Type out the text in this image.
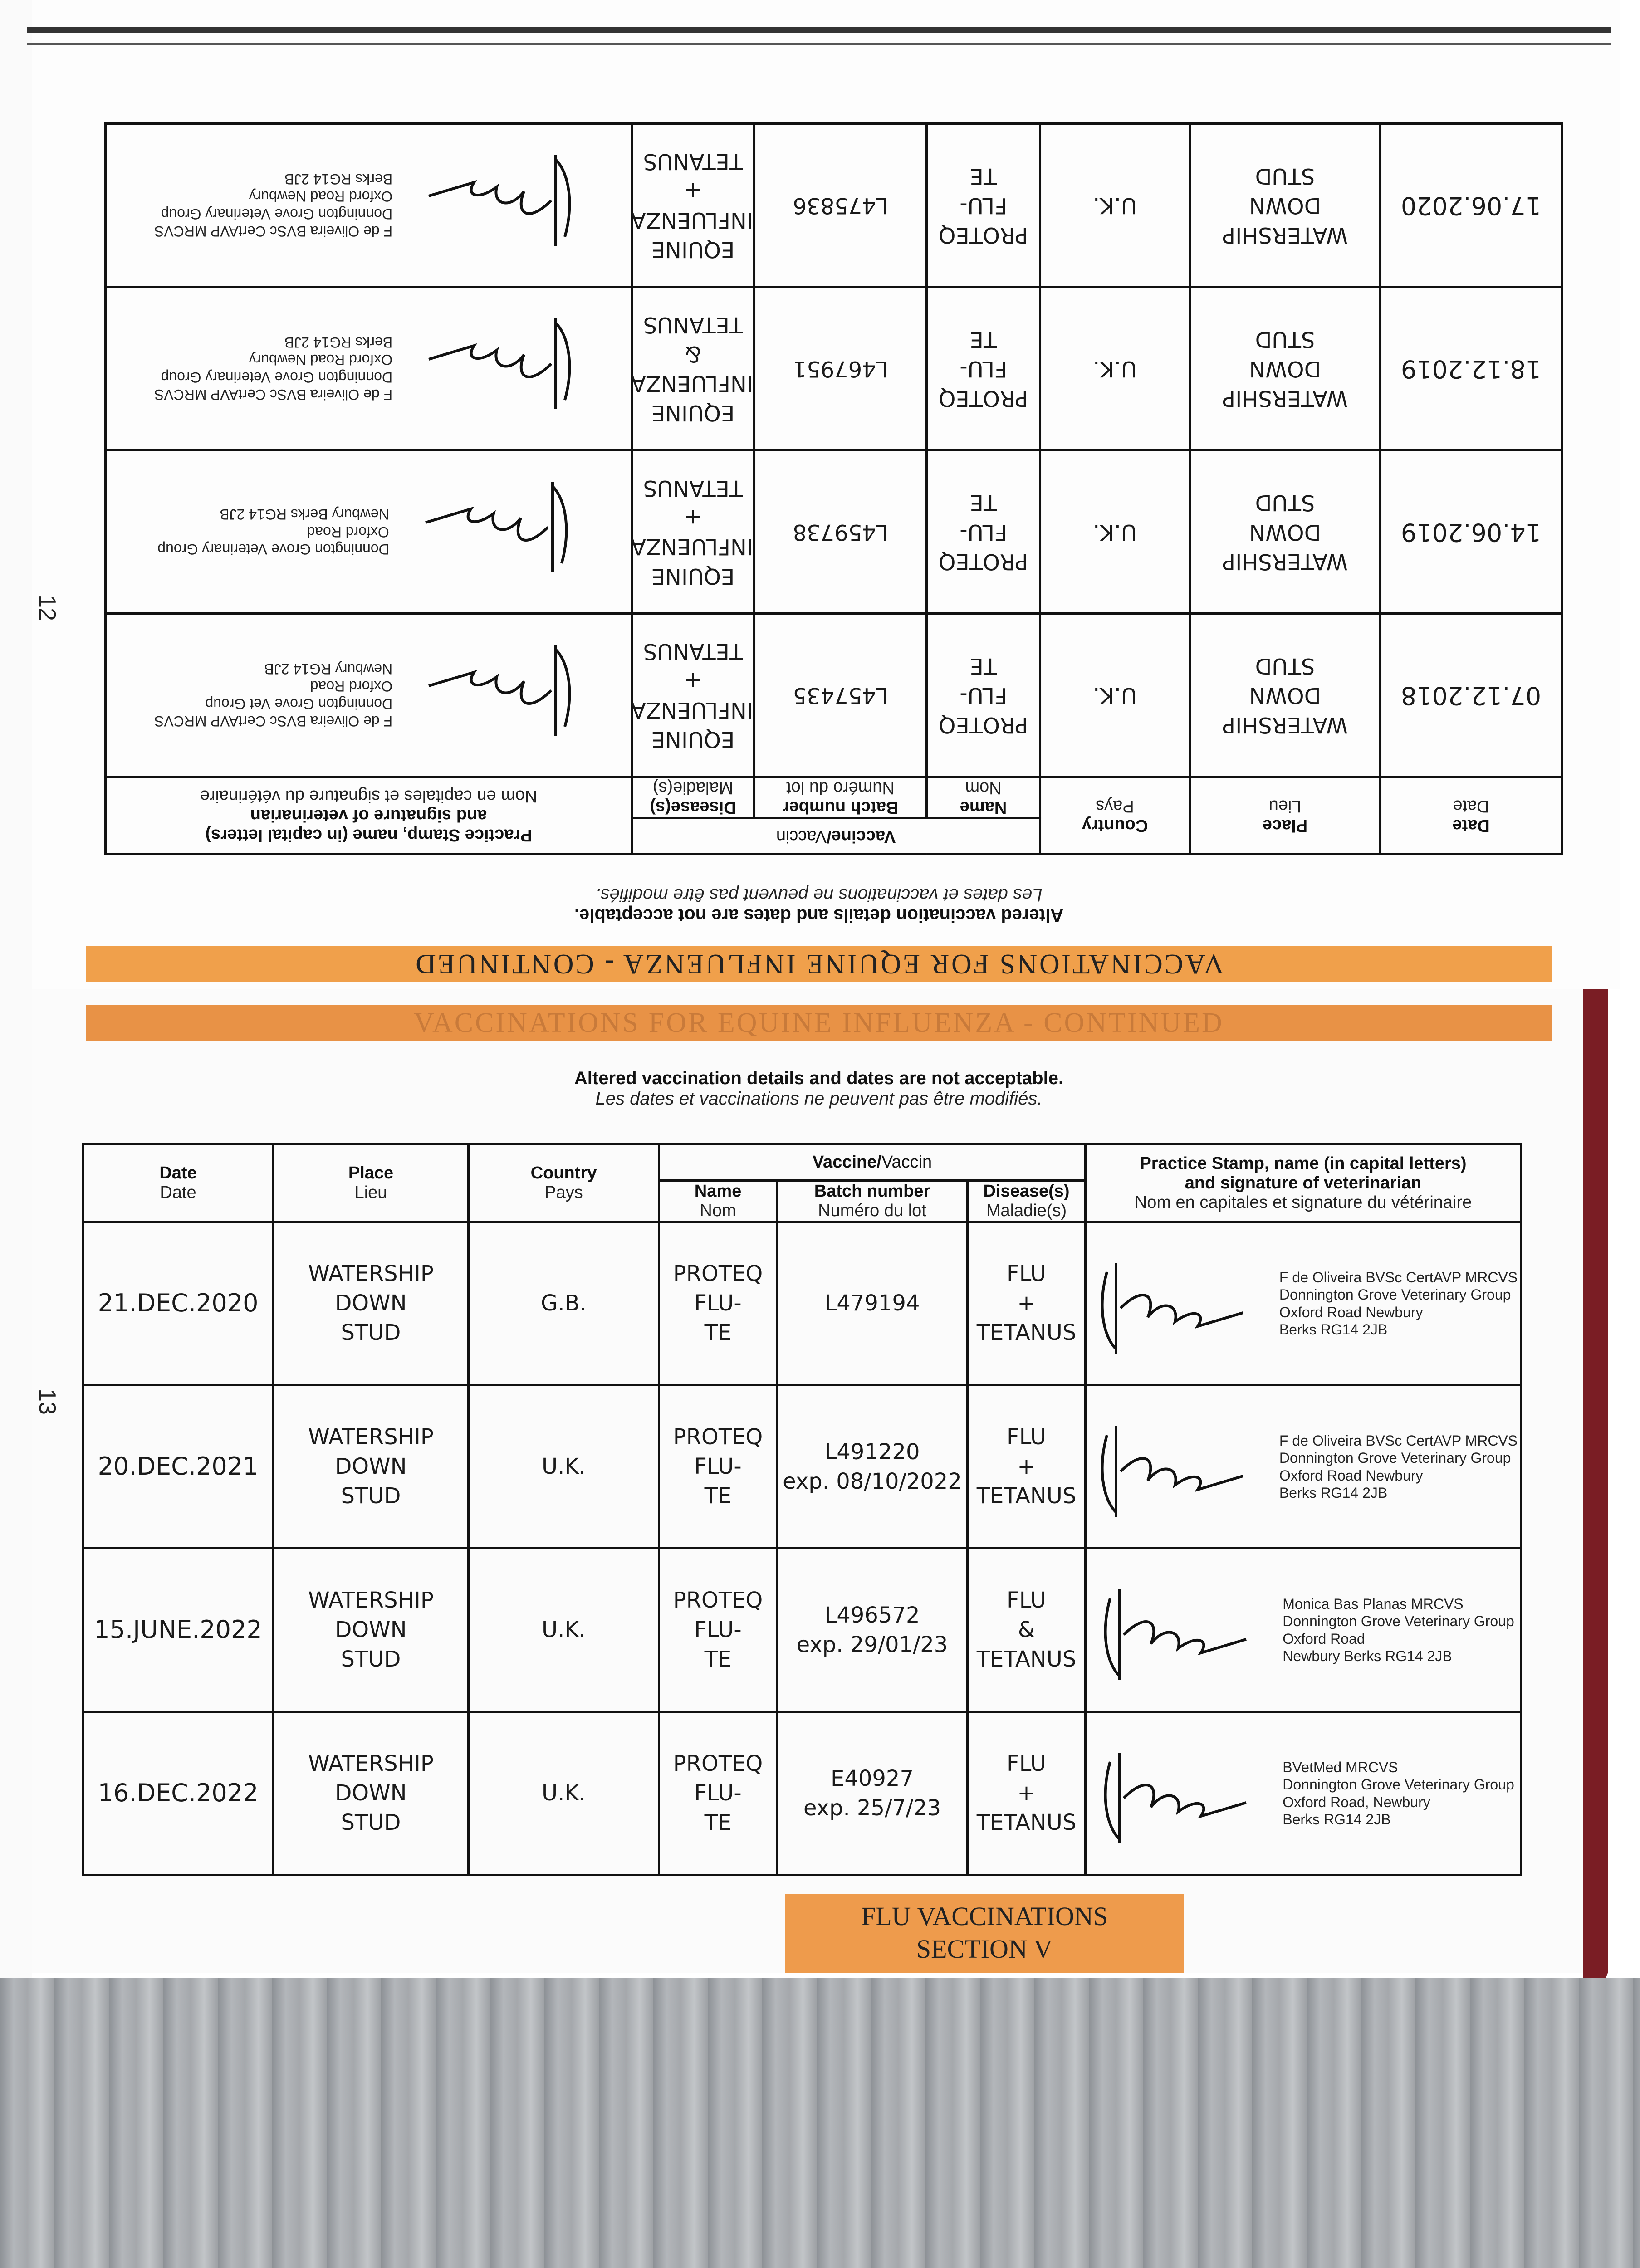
12
13
Date
Date	Place
Lieu	Country
Pays	Vaccine/Vaccin			Practice Stamp, name (in capital letters)
and signature of veterinarian
Nom en capitales et signature du vétérinaire

			Name
Nom	Batch number
Numéro du lot	Disease(s)
Maladie(s)	

07.12.2018	WATERSHIP
DOWN
STUD	U.K.	PROTEQ
FLU-
TE	L457435	EQUINE
INFLUENZA
+
TETANUS	F de Oliveira BVSc CertAVP MRCVS
Donnington Grove Vet Group
Oxford Road
Newbury RG14 2JB

14.06.2019	WATERSHIP
DOWN
STUD	U.K.	PROTEQ
FLU-
TE	L459738	EQUINE
INFLUENZA
+
TETANUS	Donnington Grove Veterinary Group
Oxford Road
Newbury Berks RG14 2JB

18.12.2019	WATERSHIP
DOWN
STUD	U.K.	PROTEQ
FLU-
TE	L467951	EQUINE
INFLUENZA
&
TETANUS	F de Oliveira BVSc CertAVP MRCVS
Donnington Grove Veterinary Group
Oxford Road Newbury
Berks RG14 2JB

17.06.2020	WATERSHIP
DOWN
STUD	U.K.	PROTEQ
FLU-
TE	L475836	EQUINE
INFLUENZA
+
TETANUS	F de Oliveira BVSc CertAVP MRCVS
Donnington Grove Veterinary Group
Oxford Road Newbury
Berks RG14 2JB
Altered vaccination details and dates are not acceptable.
Les dates et vaccinations ne peuvent pas être modifiés.
VACCINATIONS FOR EQUINE INFLUENZA - CONTINUED
VACCINATIONS FOR EQUINE INFLUENZA - CONTINUED
Altered vaccination details and dates are not acceptable.
Les dates et vaccinations ne peuvent pas être modifiés.
Date
Date	Place
Lieu	Country
Pays	Vaccine/Vaccin			Practice Stamp, name (in capital letters)
and signature of veterinarian
Nom en capitales et signature du vétérinaire

			Name
Nom	Batch number
Numéro du lot	Disease(s)
Maladie(s)	

21.DEC.2020	WATERSHIP
DOWN
STUD	G.B.	PROTEQ
FLU-
TE	L479194	FLU
+
TETANUS	F de Oliveira BVSc CertAVP MRCVS
Donnington Grove Veterinary Group
Oxford Road Newbury
Berks RG14 2JB

20.DEC.2021	WATERSHIP
DOWN
STUD	U.K.	PROTEQ
FLU-
TE	L491220
exp. 08/10/2022	FLU
+
TETANUS	F de Oliveira BVSc CertAVP MRCVS
Donnington Grove Veterinary Group
Oxford Road Newbury
Berks RG14 2JB

15.JUNE.2022	WATERSHIP
DOWN
STUD	U.K.	PROTEQ
FLU-
TE	L496572
exp. 29/01/23	FLU
&
TETANUS	Monica Bas Planas MRCVS
Donnington Grove Veterinary Group
Oxford Road
Newbury Berks RG14 2JB

16.DEC.2022	WATERSHIP
DOWN
STUD	U.K.	PROTEQ
FLU-
TE	E40927
exp. 25/7/23	FLU
+
TETANUS	BVetMed MRCVS
Donnington Grove Veterinary Group
Oxford Road, Newbury
Berks RG14 2JB
FLU VACCINATIONS
SECTION V
